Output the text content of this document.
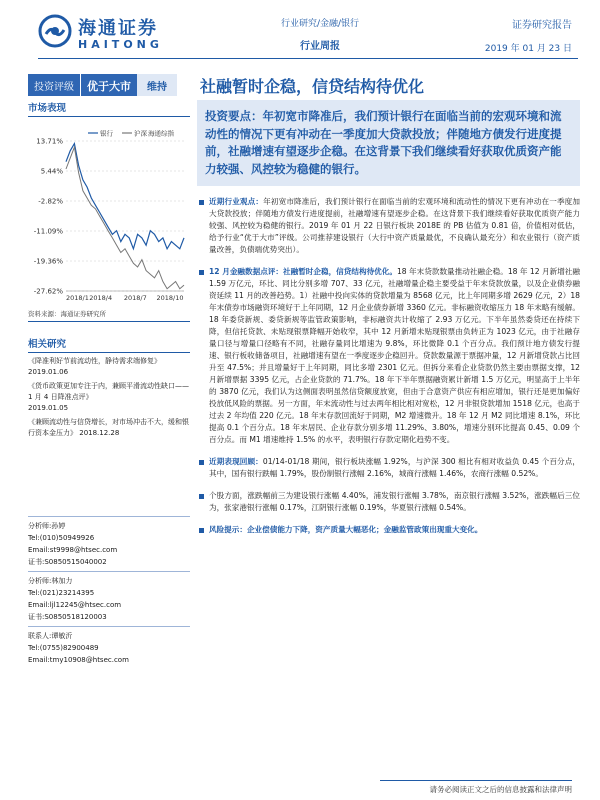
海通证券
HAITONG
行业研究/金融/银行
行业周报
证券研究报告
2019 年 01 月 23 日
投资评级	优于大市	维持	社融暂时企稳，信贷结构待优化
市场表现
13.71%
5.44%
-2.82%
-11.09%
-19.36%
-27.62%
2018/1 2018/4 2018/7 2018/10
银行	沪深 海通综指
资料来源：海通证券研究所
相关研究
《降准利好节前流动性，静待需求端修复》
2019.01.06
《货币政策更加专注于内，兼顾平滑流动性缺口——1 月 4 日降准点评》
2019.01.05
《兼顾流动性与信贷增长，对市场冲击不大，缓和银行资本金压力》 2018.12.28
分析师:孙婷
Tel:(010)50949926
Email:st9998@htsec.com
证书:S0850515040002
分析师:林加力
Tel:(021)23214395
Email:ljl12245@htsec.com
证书:S0850518120003
联系人:谭敏沂
Tel:(0755)82900489
Email:tmy10908@htsec.com
投资要点：年初宽市降准后，我们预计银行在面临当前的宏观环境和流动性的情况下更有冲动在一季度加大贷款投放；伴随地方债发行进度提前，社融增速有望逐步企稳。在这背景下我们继续看好获取优质资产能力较强、风控较为稳健的银行。
近期行业观点：年初宽市降准后，我们预计银行在面临当前的宏观环境和流动性的情况下更有冲动在一季度加大贷款投放；伴随地方债发行进度提前，社融增速有望逐步企稳。在这背景下我们继续看好获取优质资产能力较强、风控较为稳健的银行。2019 年 01 月 22 日银行板块 2018E 的 PB 估值为 0.81 倍，价值相对低估，给予行业“优于大市”评级。公司推荐建设银行（大行中资产质量最优，不良确认最充分）和农业银行（资产质量改善，负债端优势突出）。
12 月金融数据点评：社融暂时企稳，信贷结构待优化。18 年末贷款数量推动社融企稳。18 年 12 月新增社融 1.59 万亿元，环比、同比分别多增 707、33 亿元，社融增量企稳主要受益于年末贷款放量，以及企业债券融资延续 11 月的改善趋势。1）社融中投向实体的贷款增量为 8568 亿元，比上年同期多增 2629 亿元，2）18 年末债券市场融资环境好于上年同期，12 月企业债券新增 3360 亿元。非标融资收缩压力 18 年末略有缓解。18 年委贷新规、委贷新规等监管政策影响，非标融资共计收缩了 2.93 万亿元。下半年虽然委贷还在持续下降，但信托贷款、未贴现银票降幅开始收窄，其中 12 月新增未贴现银票由负转正为 1023 亿元，由于社融存量口径与增量口径略有不同，社融存量同比增速为 9.8%，环比微降 0.1 个百分点。我们预计地方债发行提速、银行板收储备项目，社融增速有望在一季度逐步企稳回升。贷款数量源于票据冲量，12 月新增贷款占比回升至 47.5%；并且增量好于上年同期，同比多增 2301 亿元。但拆分来看企业贷款仍然主要由票据支撑，12 月新增票据 3395 亿元，占企业贷款的 71.7%。18 年下半年票据融资累计新增 1.5 万亿元，明显高于上半年的 3870 亿元，我们认为这侧面表明虽然信贷额度放宽，但由于合意资产供应有相应增加，银行还是更加偏好投放低风险的票据。另一方面，年末流动性与过去两年相比相对宽松，12 月非银贷款增加 1518 亿元，也高于过去 2 年均值 220 亿元。18 年末存款回流好于同期，M2 增速微升。18 年 12 月 M2 同比增速 8.1%，环比提高 0.1 个百分点。18 年末居民、企业存款分别多增 11.29%、3.80%，增速分别环比提高 0.45、0.09 个百分点。而 M1 增速维持 1.5% 的水平，表明银行存款定期化趋势不变。
近期表现回顾：01/14-01/18 期间，银行板块涨幅 1.92%，与沪深 300 相比有相对收益负 0.45 个百分点，其中，国有银行跌幅 1.79%，股份制银行涨幅 2.16%，城商行涨幅 1.46%，农商行涨幅 0.52%。
个股方面，涨跌幅前三为建设银行涨幅 4.40%，浦发银行涨幅 3.78%，南京银行涨幅 3.52%，涨跌幅后三位为，张家港银行涨幅 0.17%，江阴银行涨幅 0.19%，华夏银行涨幅 0.54%。
风险提示：企业偿债能力下降，资产质量大幅恶化；金融监管政策出现重大变化。
请务必阅读正文之后的信息披露和法律声明
